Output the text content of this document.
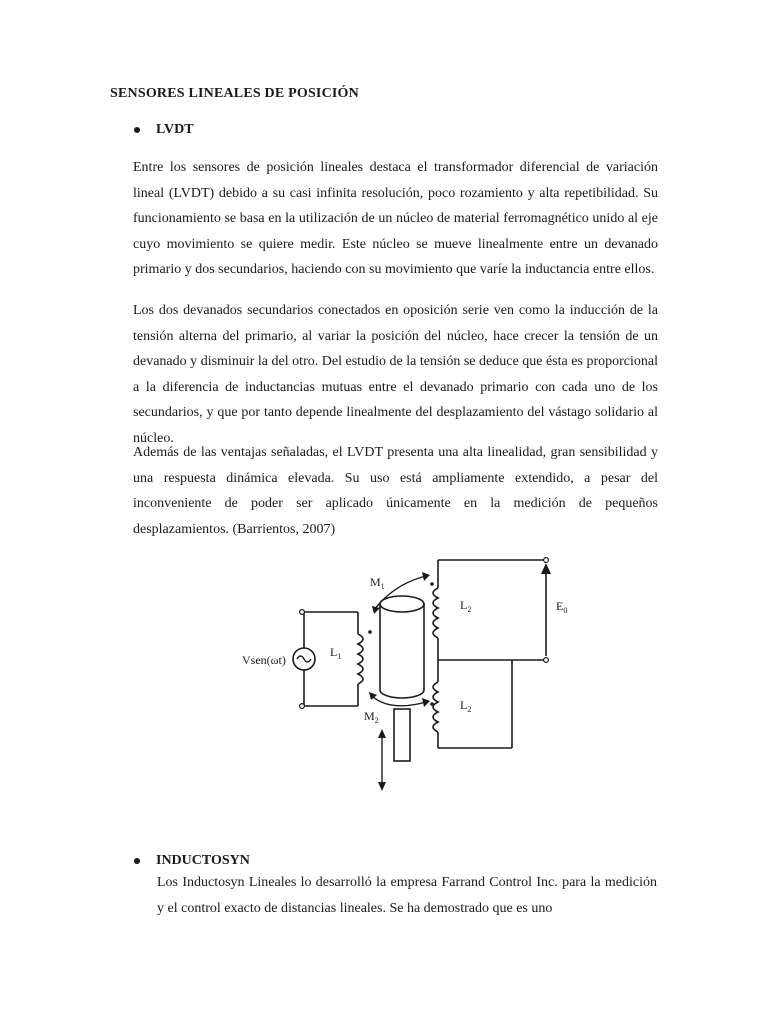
SENSORES LINEALES DE POSICIÓN
LVDT

Entre los sensores de posición lineales destaca el transformador diferencial de variación lineal (LVDT) debido a su casi infinita resolución, poco rozamiento y alta repetibilidad. Su funcionamiento se basa en la utilización de un núcleo de material ferromagnético unido al eje cuyo movimiento se quiere medir. Este núcleo se mueve linealmente entre un devanado primario y dos secundarios, haciendo con su movimiento que varíe la inductancia entre ellos.

Los dos devanados secundarios conectados en oposición serie ven como la inducción de la tensión alterna del primario, al variar la posición del núcleo, hace crecer la tensión de un devanado y disminuir la del otro. Del estudio de la tensión se deduce que ésta es proporcional a la diferencia de inductancias mutuas entre el devanado primario con cada uno de los secundarios, y que por tanto depende linealmente del desplazamiento del vástago solidario al núcleo.

Además de las ventajas señaladas, el LVDT presenta una alta linealidad, gran sensibilidad y una respuesta dinámica elevada. Su uso está ampliamente extendido, a pesar del inconveniente de poder ser aplicado únicamente en la medición de pequeños desplazamientos. (Barrientos, 2007)

Vsen(ωt)
$L_1$
$L_2$
$L_2$
$M_1$
$M_2$
$E_0$
INDUCTOSYN

Los Inductosyn Lineales lo desarrolló la empresa Farrand Control Inc. para la medición y el control exacto de distancias lineales. Se ha demostrado que es uno
